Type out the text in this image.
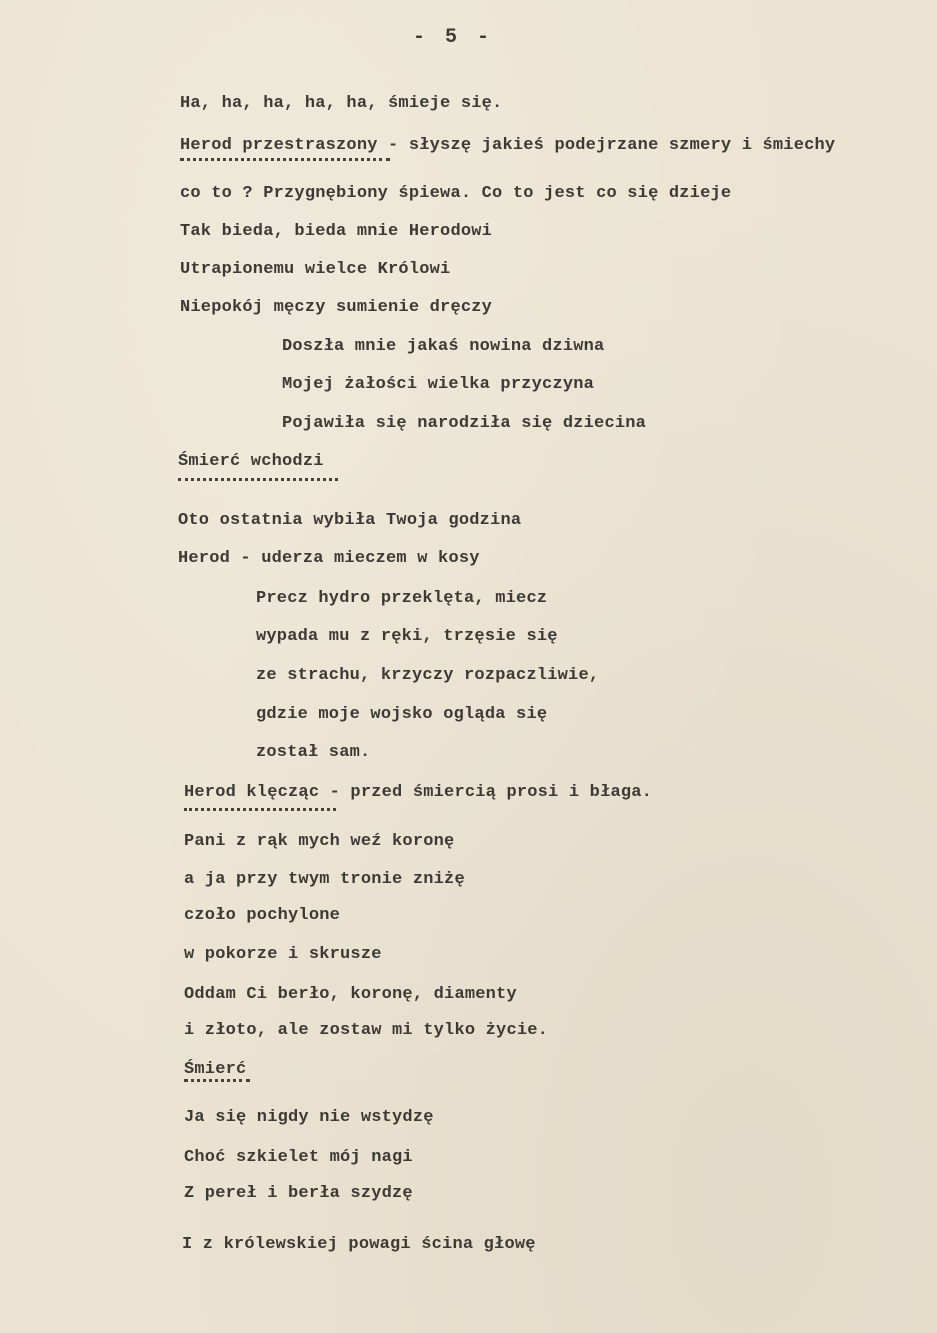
- 5 -
Ha, ha, ha, ha, ha, śmieje się.
Herod przestraszony - słyszę jakieś podejrzane szmery i śmiechy
co to ? Przygnębiony śpiewa. Co to jest co się dzieje
Tak bieda, bieda mnie Herodowi
Utrapionemu wielce Królowi
Niepokój męczy sumienie dręczy
Doszła mnie jakaś nowina dziwna
Mojej żałości wielka przyczyna
Pojawiła się narodziła się dziecina
Śmierć wchodzi
Oto ostatnia wybiła Twoja godzina
Herod - uderza mieczem w kosy
Precz hydro przeklęta, miecz
wypada mu z ręki, trzęsie się
ze strachu, krzyczy rozpaczliwie,
gdzie moje wojsko ogląda się
został sam.
Herod klęcząc - przed śmiercią prosi i błaga.
Pani z rąk mych weź koronę
a ja przy twym tronie zniżę
czoło pochylone
w pokorze i skrusze
Oddam Ci berło, koronę, diamenty
i złoto, ale zostaw mi tylko życie.
Śmierć
Ja się nigdy nie wstydzę
Choć szkielet mój nagi
Z pereł i berła szydzę
I z królewskiej powagi ścina głowę
